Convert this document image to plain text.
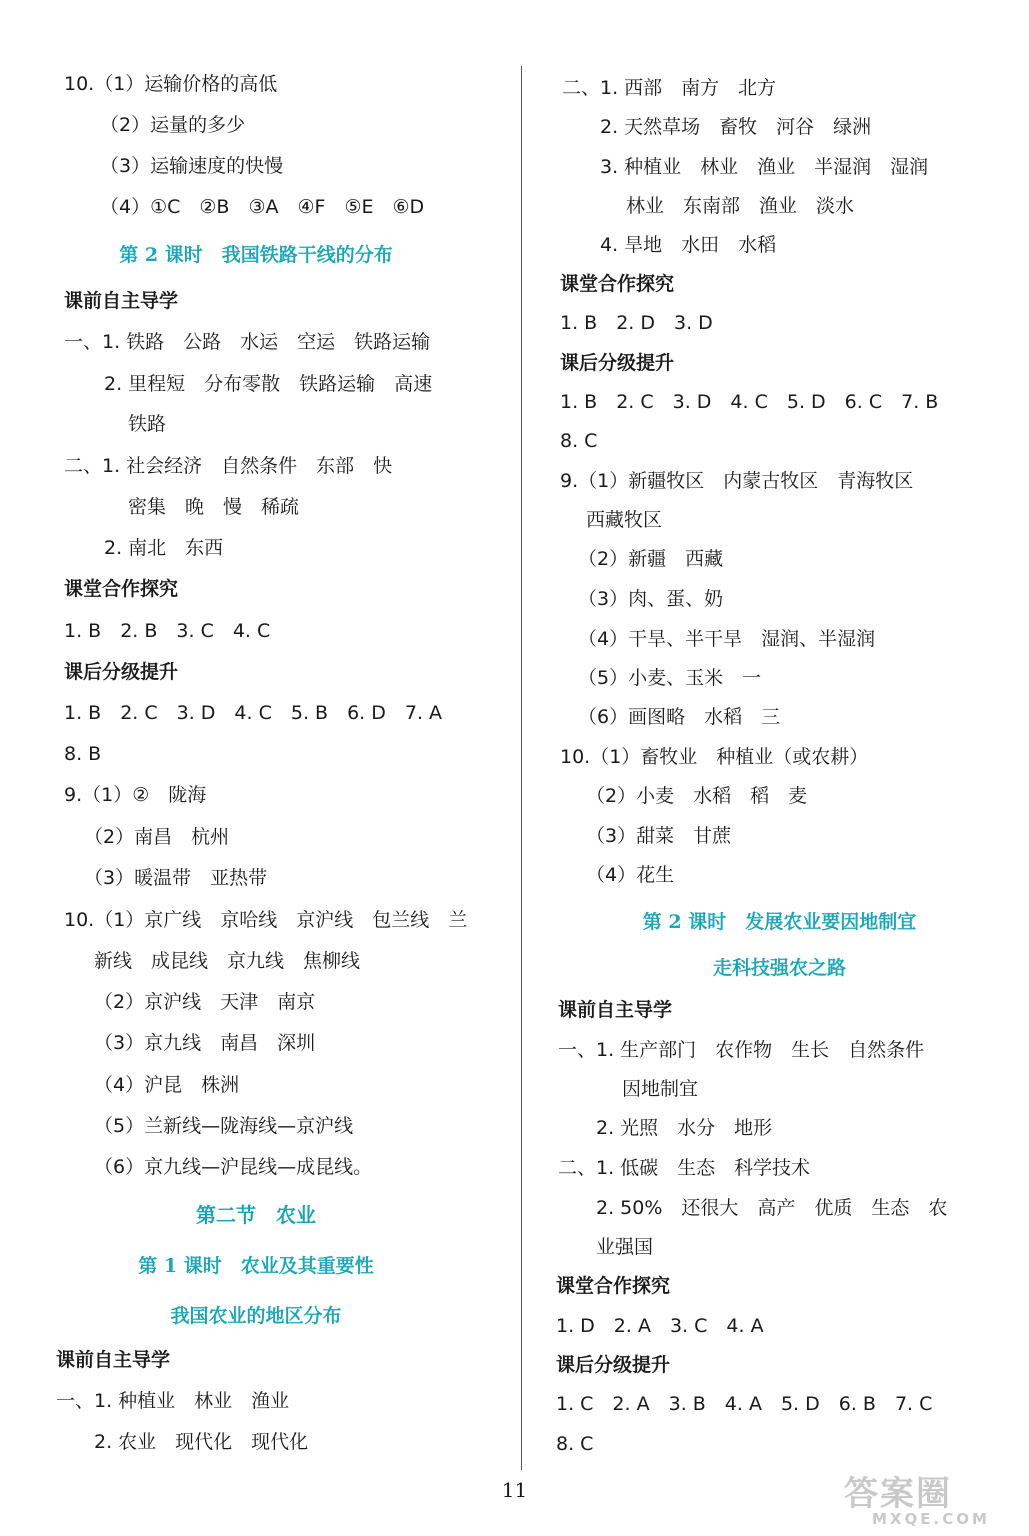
10.（1）运输价格的高低
（2）运量的多少
（3）运输速度的快慢
（4）①C　②B　③A　④F　⑤E　⑥D
第 2 课时　我国铁路干线的分布
课前自主导学
一、1. 铁路　公路　水运　空运　铁路运输
2. 里程短　分布零散　铁路运输　高速
铁路
二、1. 社会经济　自然条件　东部　快
密集　晚　慢　稀疏
2. 南北　东西
课堂合作探究
1. B　2. B　3. C　4. C
课后分级提升
1. B　2. C　3. D　4. C　5. B　6. D　7. A
8. B
9.（1）②　陇海
（2）南昌　杭州
（3）暖温带　亚热带
10.（1）京广线　京哈线　京沪线　包兰线　兰
新线　成昆线　京九线　焦柳线
（2）京沪线　天津　南京
（3）京九线　南昌　深圳
（4）沪昆　株洲
（5）兰新线—陇海线—京沪线
（6）京九线—沪昆线—成昆线。
第二节　农业
第 1 课时　农业及其重要性
我国农业的地区分布
课前自主导学
一、1. 种植业　林业　渔业
2. 农业　现代化　现代化
二、1. 西部　南方　北方
2. 天然草场　畜牧　河谷　绿洲
3. 种植业　林业　渔业　半湿润　湿润
林业　东南部　渔业　淡水
4. 旱地　水田　水稻
课堂合作探究
1. B　2. D　3. D
课后分级提升
1. B　2. C　3. D　4. C　5. D　6. C　7. B
8. C
9.（1）新疆牧区　内蒙古牧区　青海牧区
西藏牧区
（2）新疆　西藏
（3）肉、蛋、奶
（4）干旱、半干旱　湿润、半湿润
（5）小麦、玉米　一
（6）画图略　水稻　三
10.（1）畜牧业　种植业（或农耕）
（2）小麦　水稻　稻　麦
（3）甜菜　甘蔗
（4）花生
第 2 课时　发展农业要因地制宜
走科技强农之路
课前自主导学
一、1. 生产部门　农作物　生长　自然条件
因地制宜
2. 光照　水分　地形
二、1. 低碳　生态　科学技术
2. 50%　还很大　高产　优质　生态　农
业强国
课堂合作探究
1. D　2. A　3. C　4. A
课后分级提升
1. C　2. A　3. B　4. A　5. D　6. B　7. C
8. C
11	答案圈
MXQE.COM
